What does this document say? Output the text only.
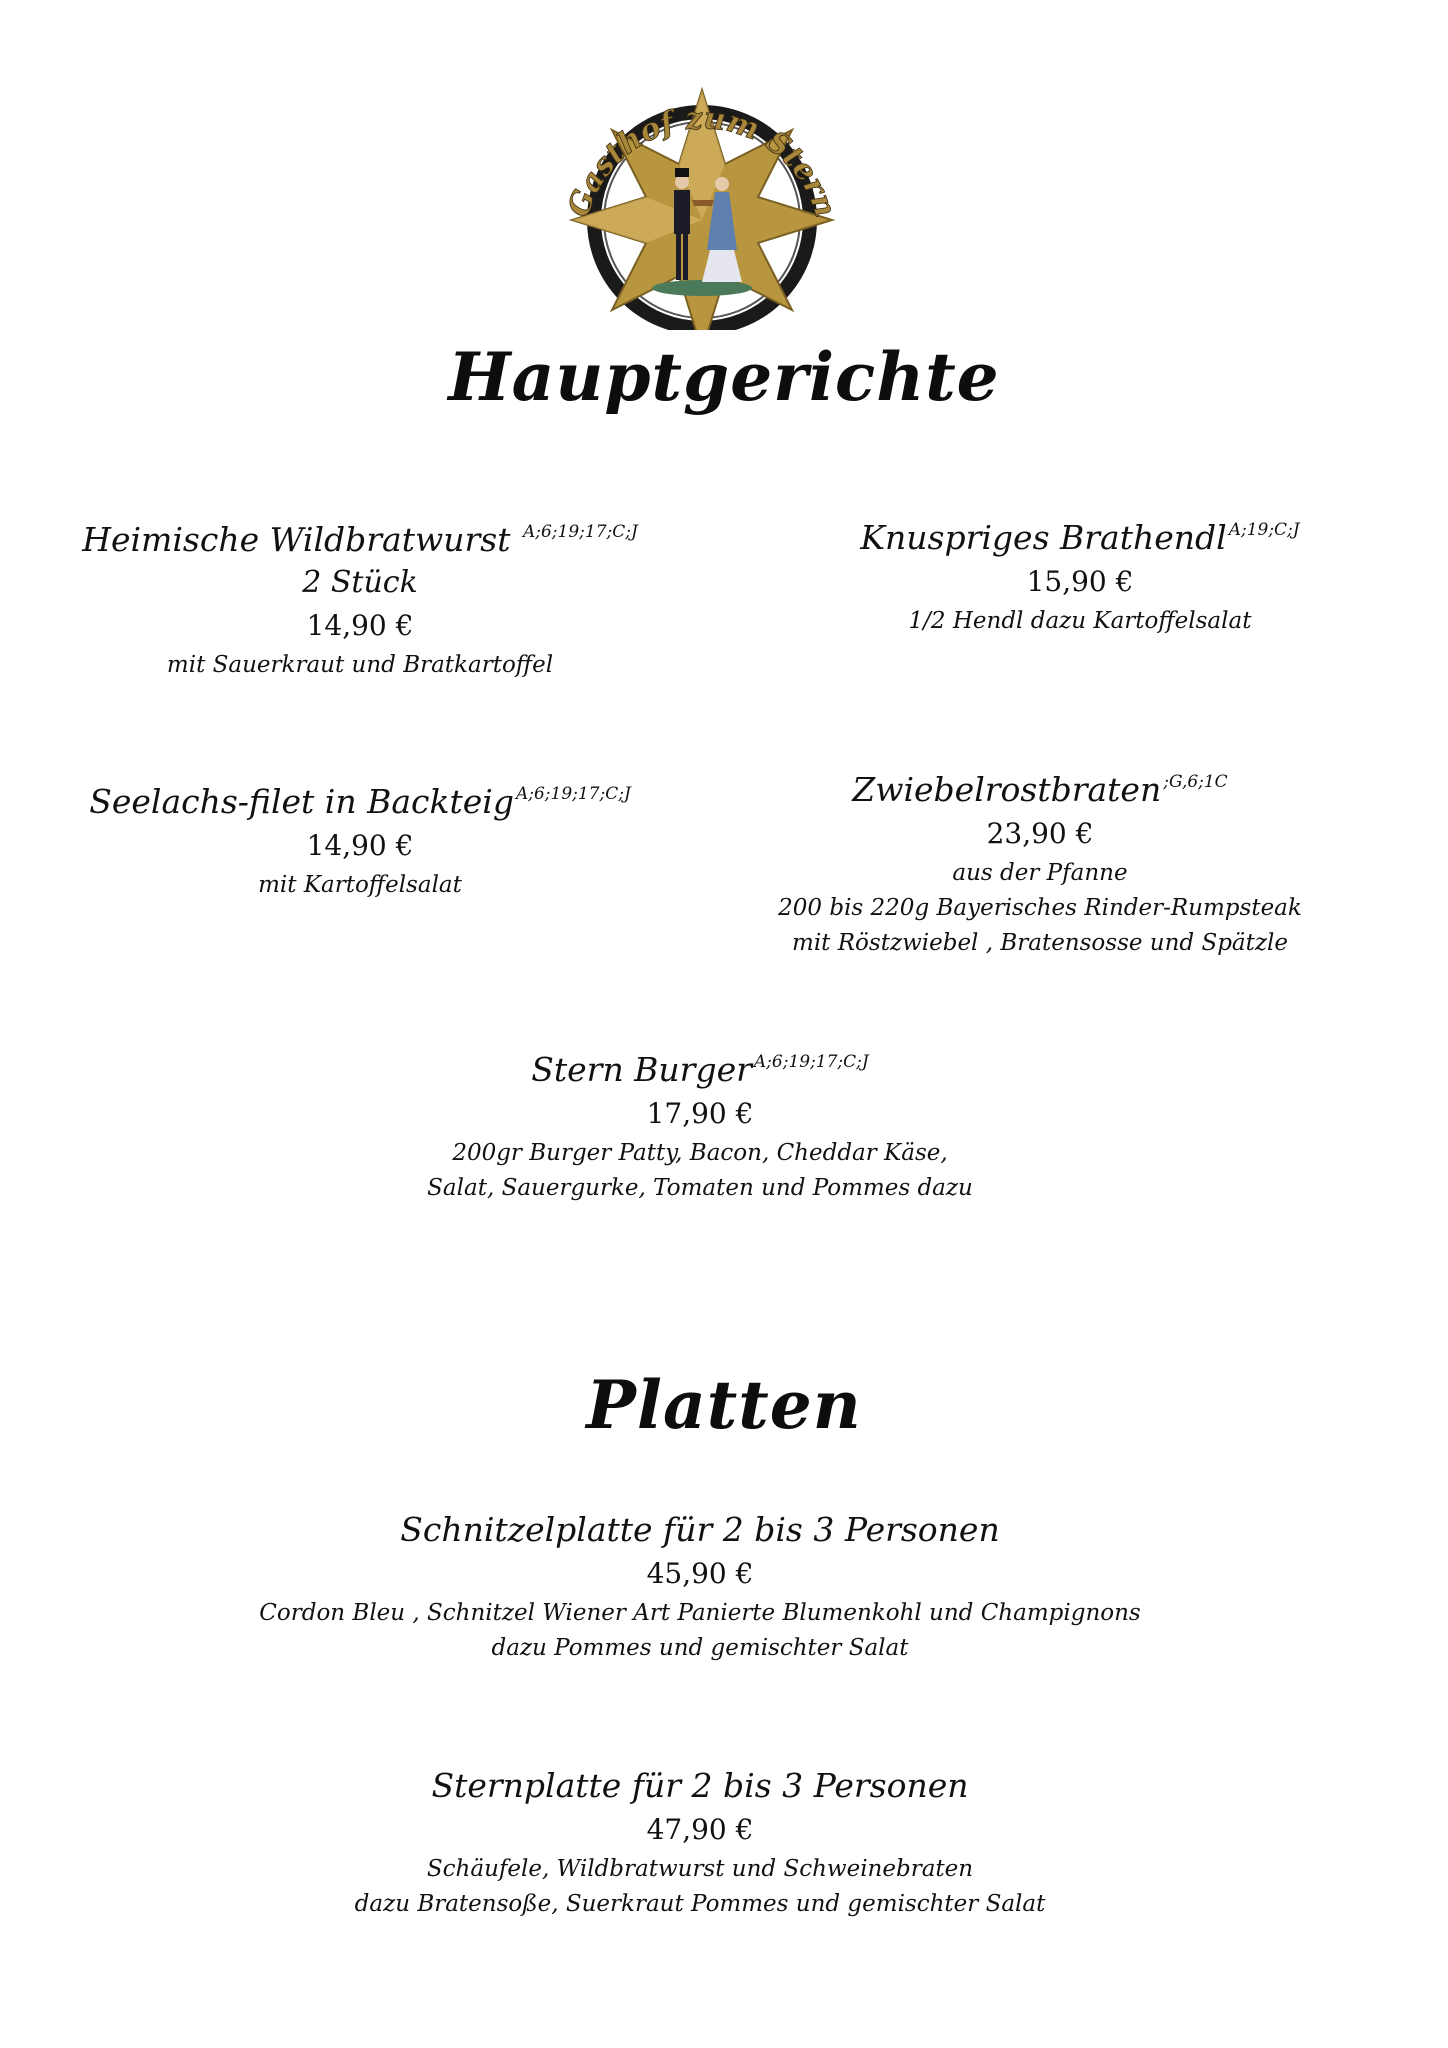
Gasthof zum Stern
Hauptgerichte
Heimische Wildbratwurst $^{A;6;19;17;C;J}$
2 Stück
14,90 €
mit Sauerkraut und Bratkartoffel
Knuspriges Brathendl $^{A;19;C;J}$
15,90 €
1/2 Hendl dazu Kartoffelsalat
Seelachs-filet in Backteig $^{A;6;19;17;C;J}$
14,90 €
mit Kartoffelsalat
Zwiebelrostbraten $^{;G,6;1C}$
23,90 €
aus der Pfanne
200 bis 220g Bayerisches Rinder-Rumpsteak
mit Röstzwiebel , Bratensosse und Spätzle
Stern Burger $^{A;6;19;17;C;J}$
17,90 €
200gr Burger Patty, Bacon, Cheddar Käse,
Salat, Sauergurke, Tomaten und Pommes dazu
Platten
Schnitzelplatte für 2 bis 3 Personen
45,90 €
Cordon Bleu , Schnitzel Wiener Art Panierte Blumenkohl und Champignons
dazu Pommes und gemischter Salat
Sternplatte für 2 bis 3 Personen
47,90 €
Schäufele, Wildbratwurst und Schweinebraten
dazu Bratensoße, Suerkraut Pommes und gemischter Salat
